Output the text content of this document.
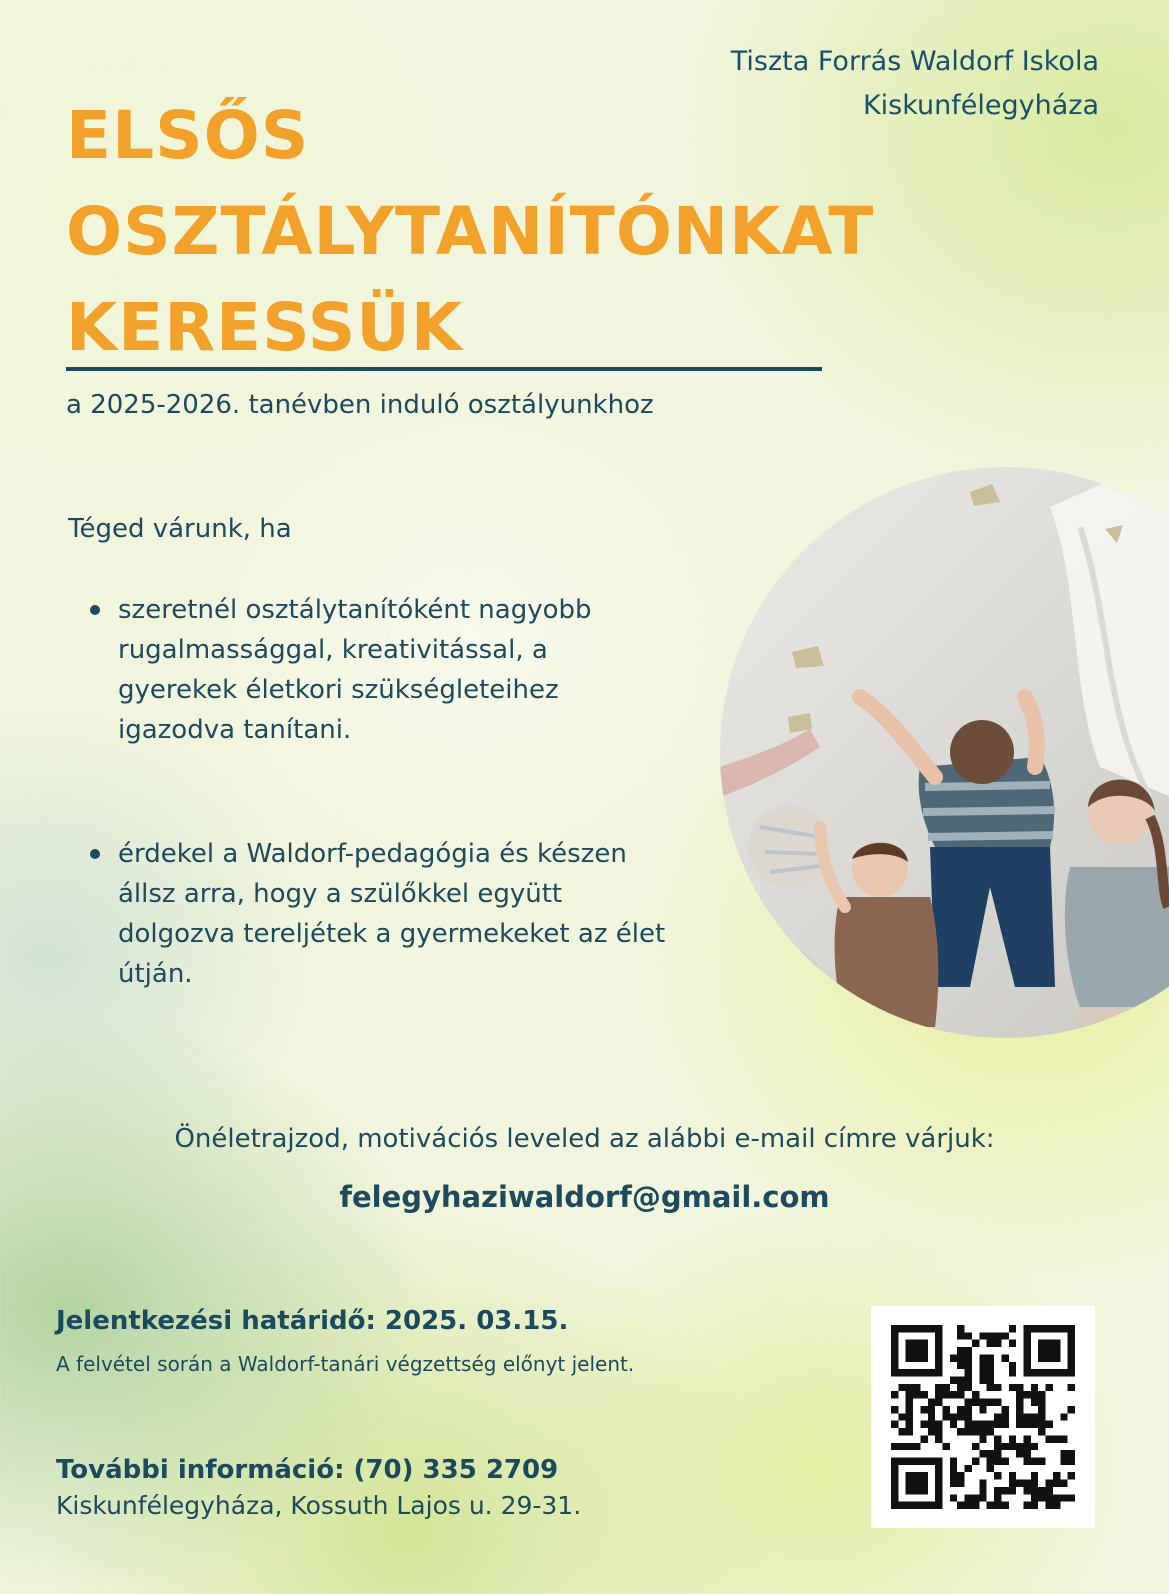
Tiszta Forrás Waldorf Iskola
Kiskunfélegyháza
ELSŐS
OSZTÁLYTANÍTÓNKAT
KERESSÜK
a 2025-2026. tanévben induló osztályunkhoz
Téged várunk, ha
szeretnél osztálytanítóként nagyobb rugalmassággal, kreativitással, a gyerekek életkori szükségleteihez igazodva tanítani.
érdekel a Waldorf-pedagógia és készen állsz arra, hogy a szülőkkel együtt dolgozva tereljétek a gyermekeket az élet útján.
Önéletrajzod, motivációs leveled az alábbi e-mail címre várjuk:
felegyhaziwaldorf@gmail.com
Jelentkezési határidő: 2025. 03.15.
A felvétel során a Waldorf-tanári végzettség előnyt jelent.
További információ: (70) 335 2709
Kiskunfélegyháza, Kossuth Lajos u. 29-31.
